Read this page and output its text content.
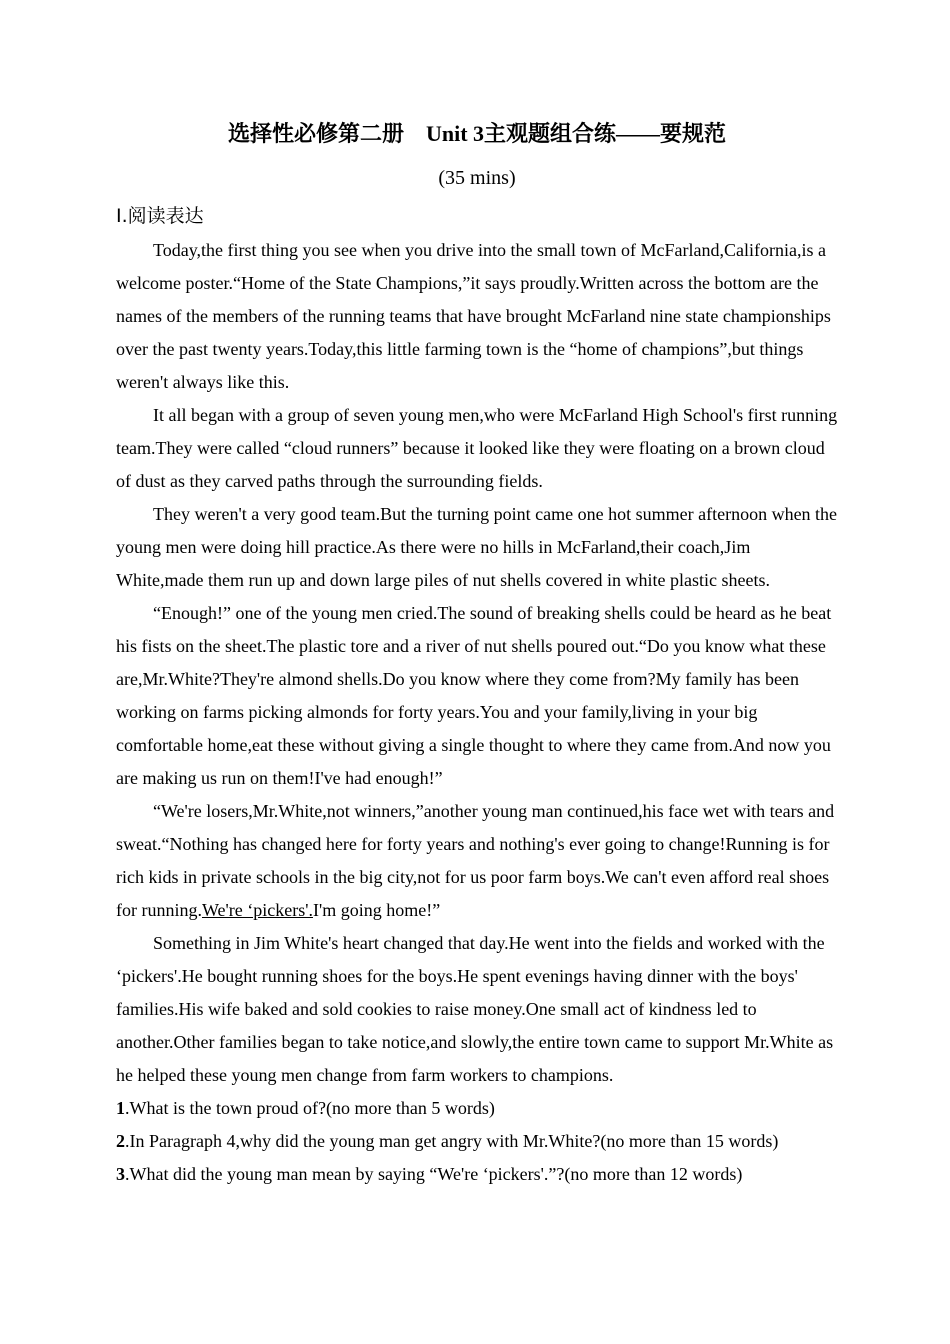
选择性必修第二册　Unit 3主观题组合练——要规范

(35 mins)

Ⅰ.阅读表达

Today,the first thing you see when you drive into the small town of McFarland,California,is a welcome poster.“Home of the State Champions,”it says proudly.Written across the bottom are the names of the members of the running teams that have brought McFarland nine state championships over the past twenty years.Today,this little farming town is the “home of champions”,but things weren't always like this.

It all began with a group of seven young men,who were McFarland High School's first running team.They were called “cloud runners” because it looked like they were floating on a brown cloud of dust as they carved paths through the surrounding fields.

They weren't a very good team.But the turning point came one hot summer afternoon when the young men were doing hill practice.As there were no hills in McFarland,their coach,Jim White,made them run up and down large piles of nut shells covered in white plastic sheets.

“Enough!” one of the young men cried.The sound of breaking shells could be heard as he beat his fists on the sheet.The plastic tore and a river of nut shells poured out.“Do you know what these are,Mr.White?They're almond shells.Do you know where they come from?My family has been working on farms picking almonds for forty years.You and your family,living in your big comfortable home,eat these without giving a single thought to where they came from.And now you are making us run on them!I've had enough!”

“We're losers,Mr.White,not winners,”another young man continued,his face wet with tears and sweat.“Nothing has changed here for forty years and nothing's ever going to change!Running is for rich kids in private schools in the big city,not for us poor farm boys.We can't even afford real shoes for running.We're ‘pickers'.I'm going home!”

Something in Jim White's heart changed that day.He went into the fields and worked with the ‘pickers'.He bought running shoes for the boys.He spent evenings having dinner with the boys' families.His wife baked and sold cookies to raise money.One small act of kindness led to another.Other families began to take notice,and slowly,the entire town came to support Mr.White as he helped these young men change from farm workers to champions.

1.What is the town proud of?(no more than 5 words)

2.In Paragraph 4,why did the young man get angry with Mr.White?(no more than 15 words)

3.What did the young man mean by saying “We're ‘pickers'.”?(no more than 12 words)
